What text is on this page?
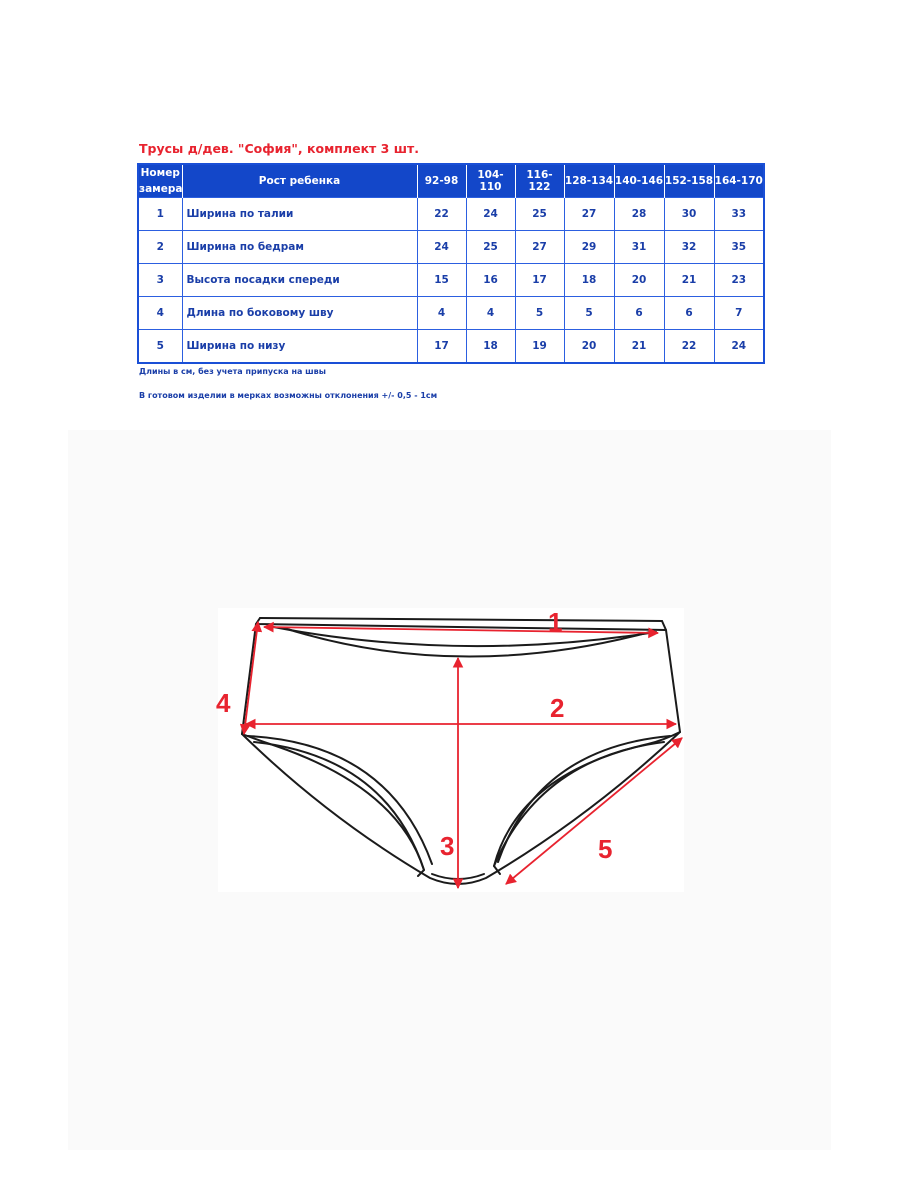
Трусы д/дев. "София", комплект 3 шт.
Номер
замера	Рост ребенка	92-98	104-110	116-122	128-134	140-146	152-158	164-170
1	Ширина по талии	22	24	25	27	28	30	33
2	Ширина по бедрам	24	25	27	29	31	32	35
3	Высота посадки спереди	15	16	17	18	20	21	23
4	Длина по боковому шву	4	4	5	5	6	6	7
5	Ширина по низу	17	18	19	20	21	22	24
Длины в см, без учета припуска на швы
В готовом изделии в мерках возможны отклонения +/- 0,5 - 1см
1
2
3
4
5
